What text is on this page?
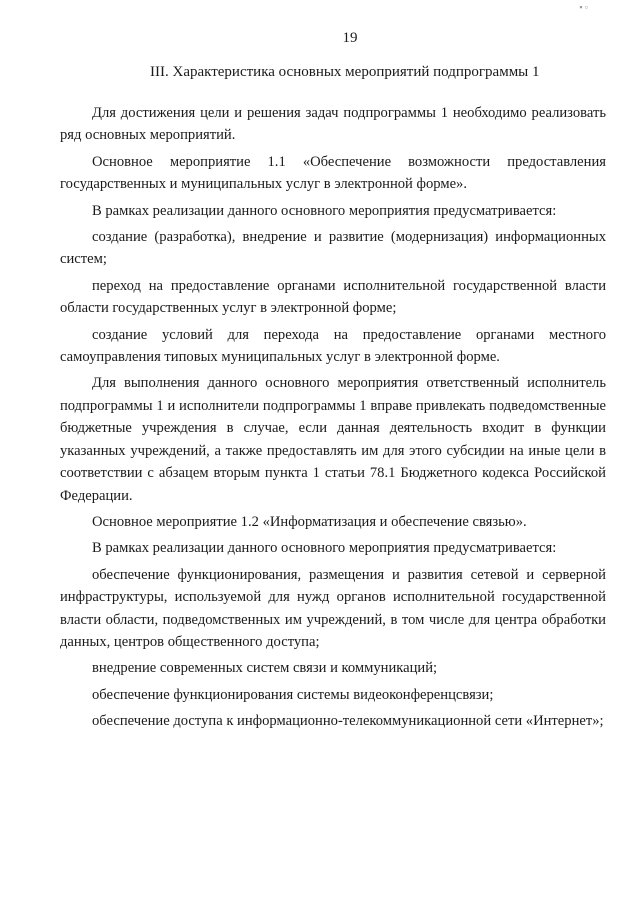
▪ ▫
19
III. Характеристика основных мероприятий подпрограммы 1

Для достижения цели и решения задач подпрограммы 1 необходимо реализовать ряд основных мероприятий.

Основное мероприятие 1.1 «Обеспечение возможности предоставления государственных и муниципальных услуг в электронной форме».

В рамках реализации данного основного мероприятия предусматривается:

создание (разработка), внедрение и развитие (модернизация) информационных систем;

переход на предоставление органами исполнительной государственной власти области государственных услуг в электронной форме;

создание условий для перехода на предоставление органами местного самоуправления типовых муниципальных услуг в электронной форме.

Для выполнения данного основного мероприятия ответственный исполнитель подпрограммы 1 и исполнители подпрограммы 1 вправе привлекать подведомственные бюджетные учреждения в случае, если данная деятельность входит в функции указанных учреждений, а также предоставлять им для этого субсидии на иные цели в соответствии с абзацем вторым пункта 1 статьи 78.1 Бюджетного кодекса Российской Федерации.

Основное мероприятие 1.2 «Информатизация и обеспечение связью».

В рамках реализации данного основного мероприятия предусматривается:

обеспечение функционирования, размещения и развития сетевой и серверной инфраструктуры, используемой для нужд органов исполнительной государственной власти области, подведомственных им учреждений, в том числе для центра обработки данных, центров общественного доступа;

внедрение современных систем связи и коммуникаций;

обеспечение функционирования системы видеоконференцсвязи;

обеспечение доступа к информационно-телекоммуникационной сети «Интернет»;
